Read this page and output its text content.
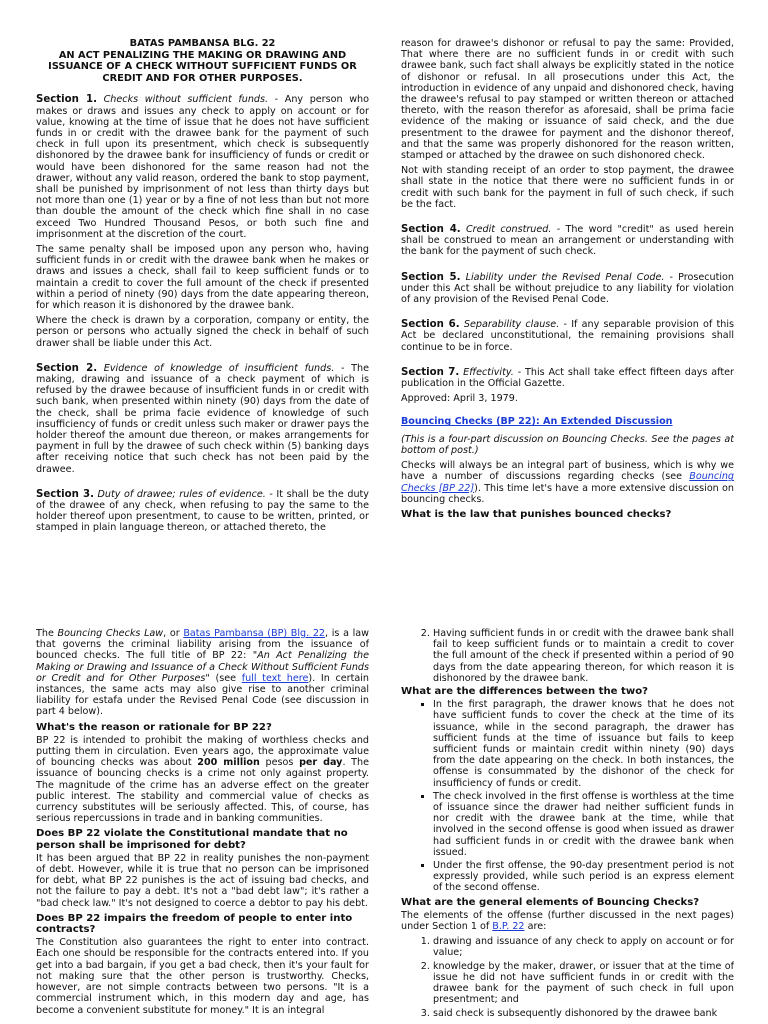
BATAS PAMBANSA BLG. 22
AN ACT PENALIZING THE MAKING OR DRAWING AND ISSUANCE OF A CHECK WITHOUT SUFFICIENT FUNDS OR CREDIT AND FOR OTHER PURPOSES.

Section 1. Checks without sufficient funds. - Any person who makes or draws and issues any check to apply on account or for value, knowing at the time of issue that he does not have sufficient funds in or credit with the drawee bank for the payment of such check in full upon its presentment, which check is subsequently dishonored by the drawee bank for insufficiency of funds or credit or would have been dishonored for the same reason had not the drawer, without any valid reason, ordered the bank to stop payment, shall be punished by imprisonment of not less than thirty days but not more than one (1) year or by a fine of not less than but not more than double the amount of the check which fine shall in no case exceed Two Hundred Thousand Pesos, or both such fine and imprisonment at the discretion of the court.

The same penalty shall be imposed upon any person who, having sufficient funds in or credit with the drawee bank when he makes or draws and issues a check, shall fail to keep sufficient funds or to maintain a credit to cover the full amount of the check if presented within a period of ninety (90) days from the date appearing thereon, for which reason it is dishonored by the drawee bank.

Where the check is drawn by a corporation, company or entity, the person or persons who actually signed the check in behalf of such drawer shall be liable under this Act.

Section 2. Evidence of knowledge of insufficient funds. - The making, drawing and issuance of a check payment of which is refused by the drawee because of insufficient funds in or credit with such bank, when presented within ninety (90) days from the date of the check, shall be prima facie evidence of knowledge of such insufficiency of funds or credit unless such maker or drawer pays the holder thereof the amount due thereon, or makes arrangements for payment in full by the drawee of such check within (5) banking days after receiving notice that such check has not been paid by the drawee.

Section 3. Duty of drawee; rules of evidence. - It shall be the duty of the drawee of any check, when refusing to pay the same to the holder thereof upon presentment, to cause to be written, printed, or stamped in plain language thereon, or attached thereto, the

reason for drawee's dishonor or refusal to pay the same: Provided, That where there are no sufficient funds in or credit with such drawee bank, such fact shall always be explicitly stated in the notice of dishonor or refusal. In all prosecutions under this Act, the introduction in evidence of any unpaid and dishonored check, having the drawee's refusal to pay stamped or written thereon or attached thereto, with the reason therefor as aforesaid, shall be prima facie evidence of the making or issuance of said check, and the due presentment to the drawee for payment and the dishonor thereof, and that the same was properly dishonored for the reason written, stamped or attached by the drawee on such dishonored check.

Not with standing receipt of an order to stop payment, the drawee shall state in the notice that there were no sufficient funds in or credit with such bank for the payment in full of such check, if such be the fact.

Section 4. Credit construed. - The word "credit" as used herein shall be construed to mean an arrangement or understanding with the bank for the payment of such check.

Section 5. Liability under the Revised Penal Code. - Prosecution under this Act shall be without prejudice to any liability for violation of any provision of the Revised Penal Code.

Section 6. Separability clause. - If any separable provision of this Act be declared unconstitutional, the remaining provisions shall continue to be in force.

Section 7. Effectivity. - This Act shall take effect fifteen days after publication in the Official Gazette.

Approved: April 3, 1979.

Bouncing Checks (BP 22): An Extended Discussion

(This is a four-part discussion on Bouncing Checks. See the pages at bottom of post.)

Checks will always be an integral part of business, which is why we have a number of discussions regarding checks (see Bouncing Checks [BP 22]). This time let's have a more extensive discussion on bouncing checks.

What is the law that punishes bounced checks?

The Bouncing Checks Law, or Batas Pambansa (BP) Blg. 22, is a law that governs the criminal liability arising from the issuance of bounced checks. The full title of BP 22: "An Act Penalizing the Making or Drawing and Issuance of a Check Without Sufficient Funds or Credit and for Other Purposes" (see full text here). In certain instances, the same acts may also give rise to another criminal liability for estafa under the Revised Penal Code (see discussion in part 4 below).

What's the reason or rationale for BP 22?

BP 22 is intended to prohibit the making of worthless checks and putting them in circulation. Even years ago, the approximate value of bouncing checks was about 200 million pesos per day. The issuance of bouncing checks is a crime not only against property. The magnitude of the crime has an adverse effect on the greater public interest. The stability and commercial value of checks as currency substitutes will be seriously affected. This, of course, has serious repercussions in trade and in banking communities.

Does BP 22 violate the Constitutional mandate that no person shall be imprisoned for debt?

It has been argued that BP 22 in reality punishes the non-payment of debt. However, while it is true that no person can be imprisoned for debt, what BP 22 punishes is the act of issuing bad checks, and not the failure to pay a debt. It's not a "bad debt law"; it's rather a "bad check law." It's not designed to coerce a debtor to pay his debt.

Does BP 22 impairs the freedom of people to enter into contracts?

The Constitution also guarantees the right to enter into contract. Each one should be responsible for the contracts entered into. If you get into a bad bargain, if you get a bad check, then it's your fault for not making sure that the other person is trustworthy. Checks, however, are not simple contracts between two persons. "It is a commercial instrument which, in this modern day and age, has become a convenient substitute for money." It is an integral

2. Having sufficient funds in or credit with the drawee bank shall fail to keep sufficient funds or to maintain a credit to cover the full amount of the check if presented within a period of 90 days from the date appearing thereon, for which reason it is dishonored by the drawee bank.

What are the differences between the two?

▪ In the first paragraph, the drawer knows that he does not have sufficient funds to cover the check at the time of its issuance, while in the second paragraph, the drawer has sufficient funds at the time of issuance but fails to keep sufficient funds or maintain credit within ninety (90) days from the date appearing on the check. In both instances, the offense is consummated by the dishonor of the check for insufficiency of funds or credit.
▪ The check involved in the first offense is worthless at the time of issuance since the drawer had neither sufficient funds in nor credit with the drawee bank at the time, while that involved in the second offense is good when issued as drawer had sufficient funds in or credit with the drawee bank when issued.
▪ Under the first offense, the 90-day presentment period is not expressly provided, while such period is an express element of the second offense.

What are the general elements of Bouncing Checks?

The elements of the offense (further discussed in the next pages) under Section 1 of B.P. 22 are:

1. drawing and issuance of any check to apply on account or for value;
2. knowledge by the maker, drawer, or issuer that at the time of issue he did not have sufficient funds in or credit with the drawee bank for the payment of such check in full upon presentment; and
3. said check is subsequently dishonored by the drawee bank
